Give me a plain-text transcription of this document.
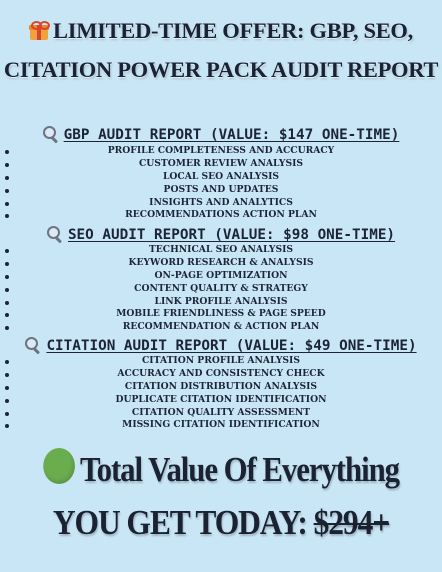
LIMITED-TIME OFFER: GBP, SEO,
CITATION POWER PACK AUDIT REPORT
GBP AUDIT REPORT (VALUE: $147 ONE-TIME)
PROFILE COMPLETENESS AND ACCURACY
CUSTOMER REVIEW ANALYSIS
LOCAL SEO ANALYSIS
POSTS AND UPDATES
INSIGHTS AND ANALYTICS
RECOMMENDATIONS ACTION PLAN
SEO AUDIT REPORT (VALUE: $98 ONE-TIME)
TECHNICAL SEO ANALYSIS
KEYWORD RESEARCH & ANALYSIS
ON-PAGE OPTIMIZATION
CONTENT QUALITY & STRATEGY
LINK PROFILE ANALYSIS
MOBILE FRIENDLINESS & PAGE SPEED
RECOMMENDATION & ACTION PLAN
CITATION AUDIT REPORT (VALUE: $49 ONE-TIME)
CITATION PROFILE ANALYSIS
ACCURACY AND CONSISTENCY CHECK
CITATION DISTRIBUTION ANALYSIS
DUPLICATE CITATION IDENTIFICATION
CITATION QUALITY ASSESSMENT
MISSING CITATION IDENTIFICATION
Total Value Of Everything
YOU GET TODAY: $294+
